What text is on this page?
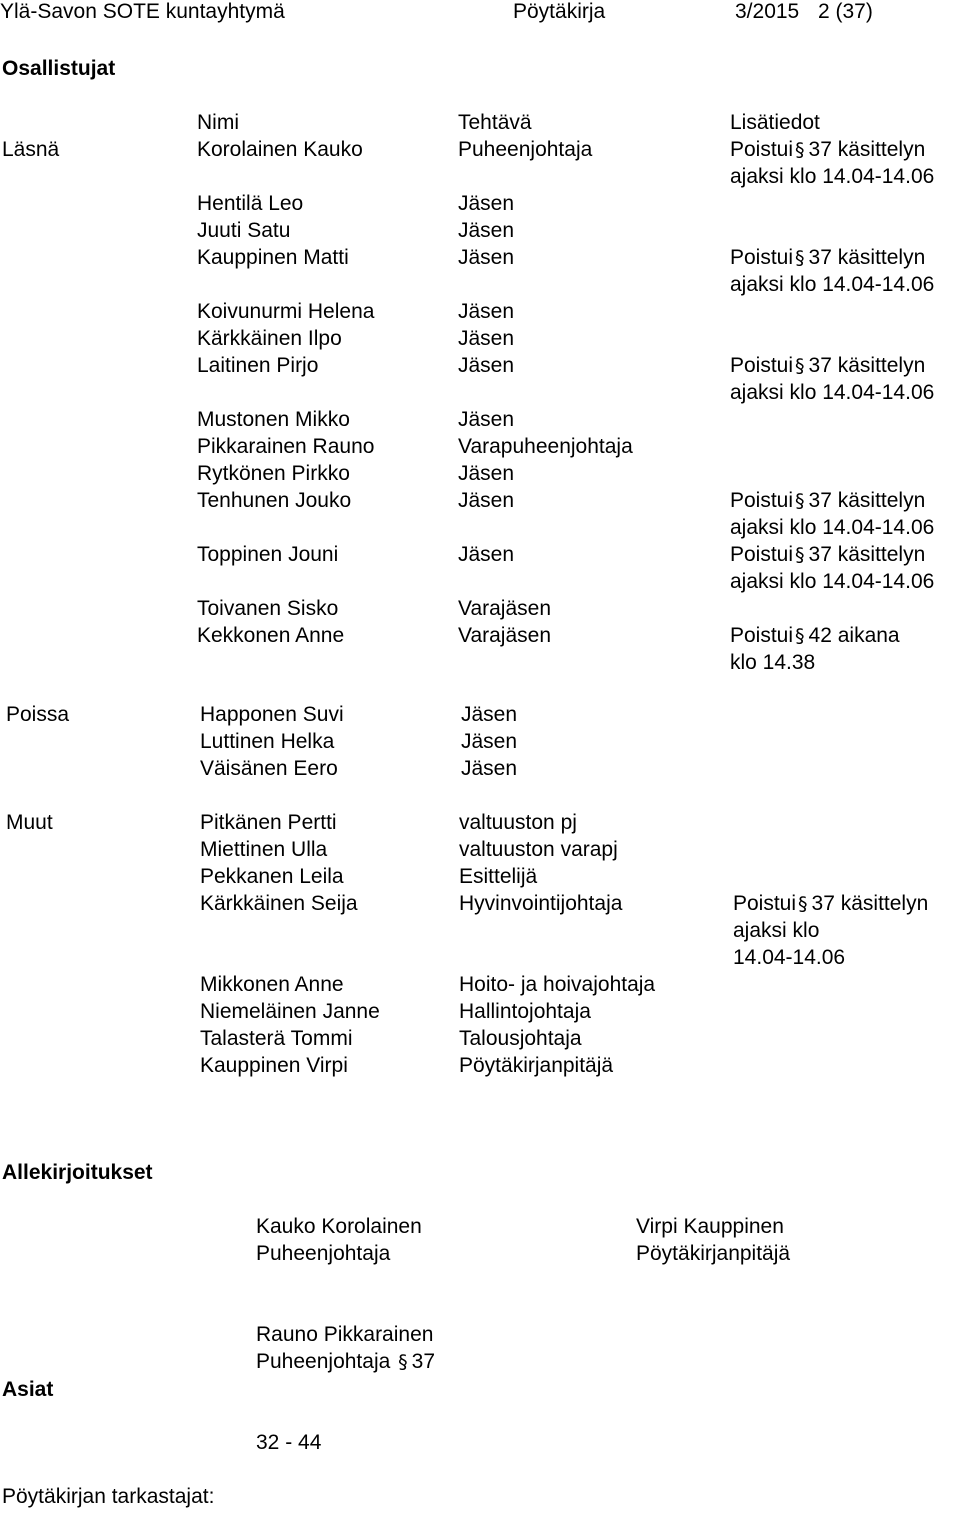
Ylä-Savon SOTE kuntayhtymä	Pöytäkirja	3/2015 2 (37)
Osallistujat
Nimi	Tehtävä	Lisätiedot
Läsnä	Korolainen Kauko	Puheenjohtaja	Poistui § 37 käsittelyn
ajaksi klo 14.04-14.06
Hentilä Leo	Jäsen
Juuti Satu	Jäsen
Kauppinen Matti	Jäsen	Poistui § 37 käsittelyn
ajaksi klo 14.04-14.06
Koivunurmi Helena	Jäsen
Kärkkäinen Ilpo	Jäsen
Laitinen Pirjo	Jäsen	Poistui § 37 käsittelyn
ajaksi klo 14.04-14.06
Mustonen Mikko	Jäsen
Pikkarainen Rauno	Varapuheenjohtaja
Rytkönen Pirkko	Jäsen
Tenhunen Jouko	Jäsen	Poistui § 37 käsittelyn
ajaksi klo 14.04-14.06
Toppinen Jouni	Jäsen	Poistui § 37 käsittelyn
ajaksi klo 14.04-14.06
Toivanen Sisko	Varajäsen
Kekkonen Anne	Varajäsen	Poistui § 42 aikana
klo 14.38
Poissa	Happonen Suvi	Jäsen
Luttinen Helka	Jäsen
Väisänen Eero	Jäsen
Muut	Pitkänen Pertti	valtuuston pj
Miettinen Ulla	valtuuston varapj
Pekkanen Leila	Esittelijä
Kärkkäinen Seija	Hyvinvointijohtaja	Poistui § 37 käsittelyn
ajaksi klo
14.04-14.06
Mikkonen Anne	Hoito- ja hoivajohtaja
Niemeläinen Janne	Hallintojohtaja
Talasterä Tommi	Talousjohtaja
Kauppinen Virpi	Pöytäkirjanpitäjä
Allekirjoitukset
Kauko Korolainen
Puheenjohtaja
Virpi Kauppinen
Pöytäkirjanpitäjä
Rauno Pikkarainen
Puheenjohtaja § 37
Asiat
32 - 44
Pöytäkirjan tarkastajat:
